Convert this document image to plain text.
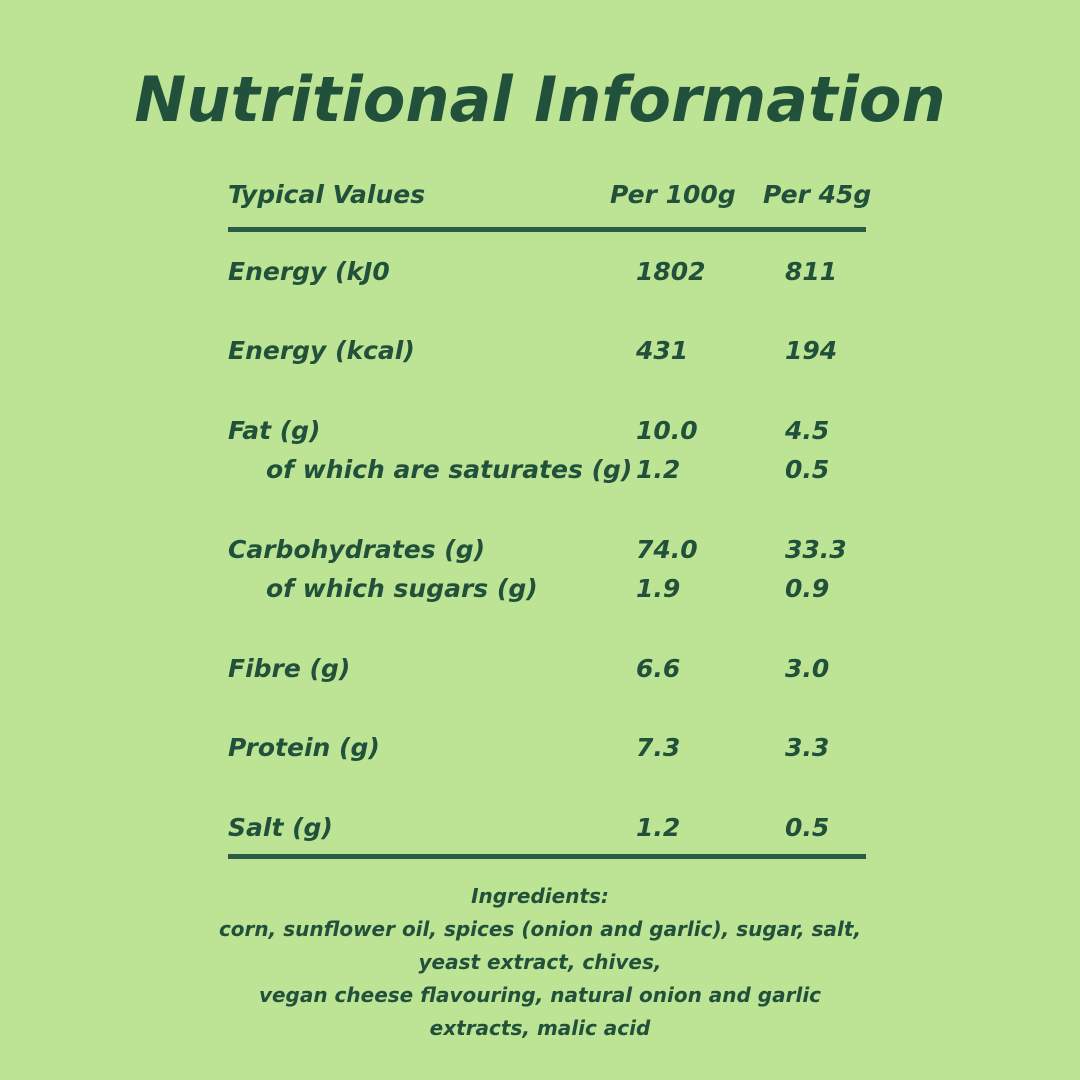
Nutritional Information
Typical Values	Per 100g Per 45g
Energy (kJ0	1802	811
Energy (kcal)	431	194
Fat (g)	10.0	4.5
of which are saturates (g) 1.2	0.5
Carbohydrates (g)	74.0	33.3
of which sugars (g)	1.9	0.9
Fibre (g)	6.6	3.0
Protein (g)	7.3	3.3
Salt (g)	1.2	0.5
Ingredients:
corn, sunflower oil, spices (onion and garlic), sugar, salt,
yeast extract, chives,
vegan cheese flavouring, natural onion and garlic
extracts, malic acid
